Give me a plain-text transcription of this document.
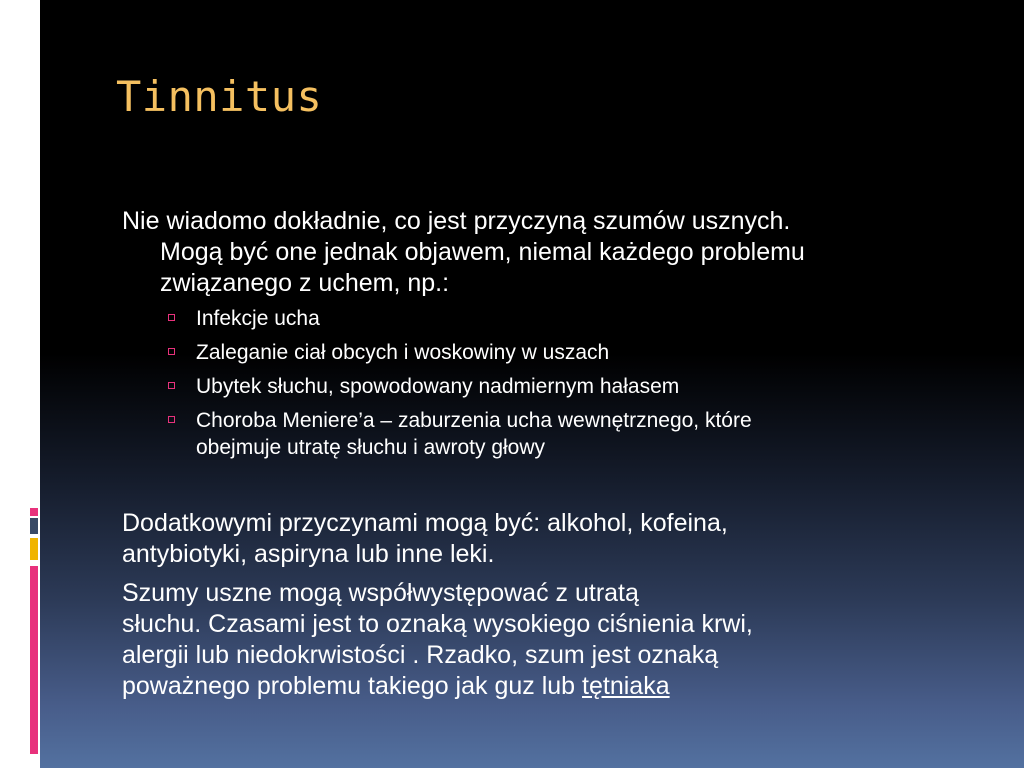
Tinnitus

Nie wiadomo dokładnie, co jest przyczyną szumów usznych.
Mogą być one jednak objawem, niemal każdego problemu
związanego z uchem, np.:

Infekcje ucha
Zaleganie ciał obcych i woskowiny w uszach
Ubytek słuchu, spowodowany nadmiernym hałasem
Choroba Meniere’a – zaburzenia ucha wewnętrznego, które
obejmuje utratę słuchu i awroty głowy

Dodatkowymi przyczynami mogą być: alkohol, kofeina,
antybiotyki, aspiryna lub inne leki.

Szumy uszne mogą współwystępować z utratą
słuchu. Czasami jest to oznaką wysokiego ciśnienia krwi,
alergii lub niedokrwistości . Rzadko, szum jest oznaką
poważnego problemu takiego jak guz lub tętniaka
